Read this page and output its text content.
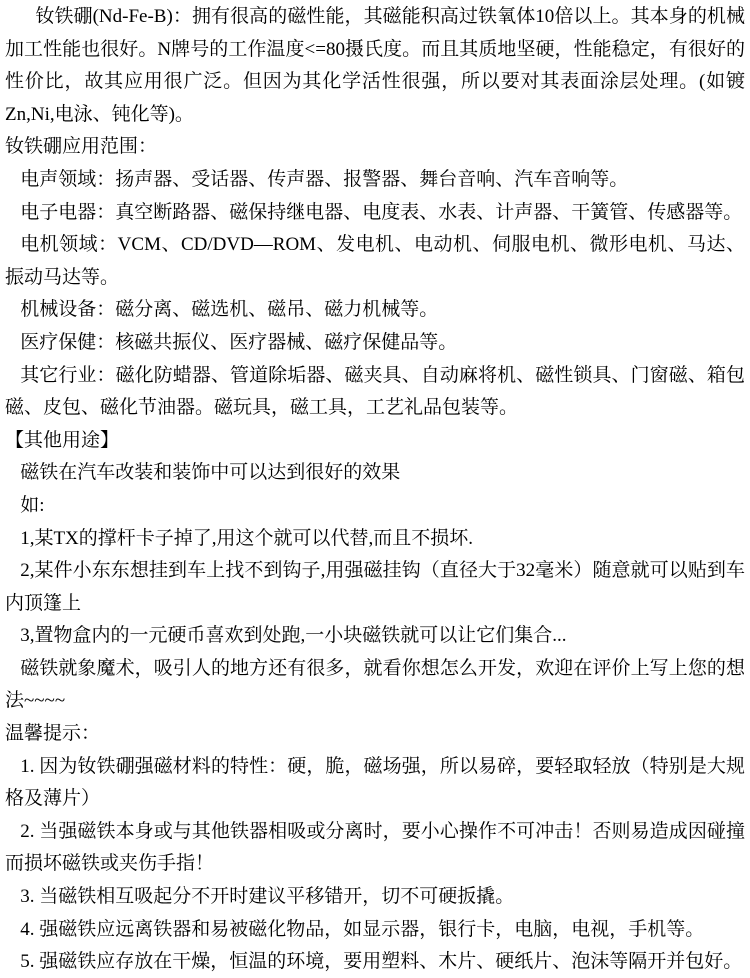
钕铁硼(Nd-Fe-B)：拥有很高的磁性能，其磁能积高过铁氧体10倍以上。其本身的机械加工性能也很好。N牌号的工作温度<=80摄氏度。而且其质地坚硬，性能稳定，有很好的性价比，故其应用很广泛。但因为其化学活性很强，所以要对其表面涂层处理。(如镀Zn,Ni,电泳、钝化等)。

钕铁硼应用范围：

电声领域：扬声器、受话器、传声器、报警器、舞台音响、汽车音响等。

电子电器：真空断路器、磁保持继电器、电度表、水表、计声器、干簧管、传感器等。

电机领域：VCM、CD/DVD—ROM、发电机、电动机、伺服电机、微形电机、马达、振动马达等。

机械设备：磁分离、磁选机、磁吊、磁力机械等。

医疗保健：核磁共振仪、医疗器械、磁疗保健品等。

其它行业：磁化防蜡器、管道除垢器、磁夹具、自动麻将机、磁性锁具、门窗磁、箱包磁、皮包、磁化节油器。磁玩具，磁工具，工艺礼品包装等。

【其他用途】

磁铁在汽车改装和装饰中可以达到很好的效果

如:

1,某TX的撑杆卡子掉了,用这个就可以代替,而且不损坏.

2,某件小东东想挂到车上找不到钩子,用强磁挂钩（直径大于32毫米）随意就可以贴到车内顶篷上

3,置物盒内的一元硬币喜欢到处跑,一小块磁铁就可以让它们集合...

磁铁就象魔术，吸引人的地方还有很多，就看你想怎么开发，欢迎在评价上写上您的想法~~~~

温馨提示：

1. 因为钕铁硼强磁材料的特性：硬，脆，磁场强，所以易碎，要轻取轻放（特别是大规格及薄片）

2. 当强磁铁本身或与其他铁器相吸或分离时，要小心操作不可冲击！否则易造成因碰撞而损坏磁铁或夹伤手指！

3. 当磁铁相互吸起分不开时建议平移错开，切不可硬扳撬。

4. 强磁铁应远离铁器和易被磁化物品，如显示器，银行卡，电脑，电视，手机等。

5. 强磁铁应存放在干燥，恒温的环境，要用塑料、木片、硬纸片、泡沫等隔开并包好。
